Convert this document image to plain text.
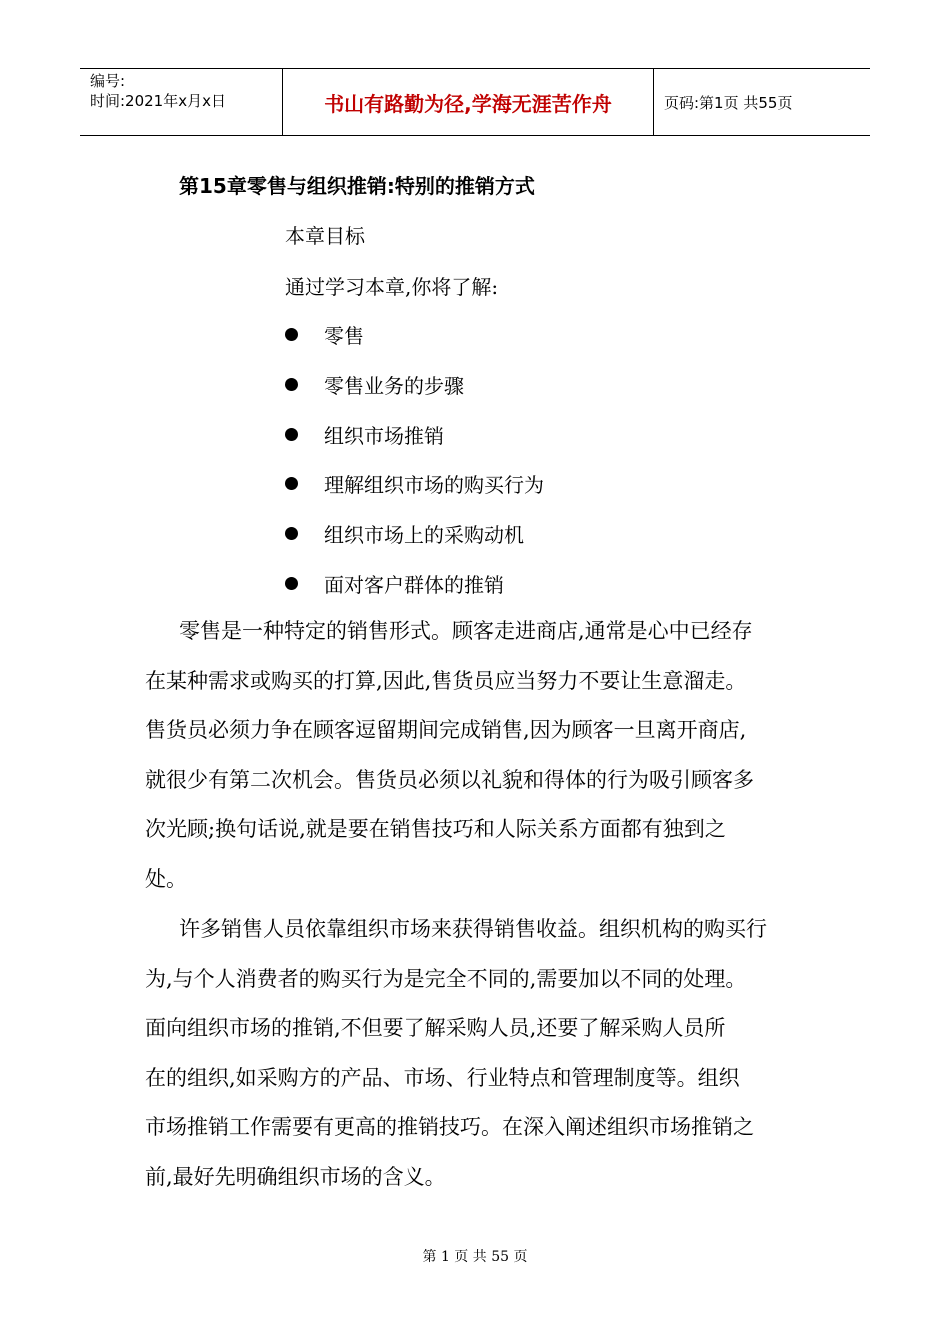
编号:
时间:2021年x月x日	书山有路勤为径,学海无涯苦作舟	页码:第1页 共55页
第15章零售与组织推销:特别的推销方式
本章目标
通过学习本章,你将了解:
零售
零售业务的步骤
组织市场推销
理解组织市场的购买行为
组织市场上的采购动机
面对客户群体的推销
零售是一种特定的销售形式。顾客走进商店,通常是心中已经存
在某种需求或购买的打算,因此,售货员应当努力不要让生意溜走。
售货员必须力争在顾客逗留期间完成销售,因为顾客一旦离开商店,
就很少有第二次机会。售货员必须以礼貌和得体的行为吸引顾客多
次光顾;换句话说,就是要在销售技巧和人际关系方面都有独到之
处。
许多销售人员依靠组织市场来获得销售收益。组织机构的购买行
为,与个人消费者的购买行为是完全不同的,需要加以不同的处理。
面向组织市场的推销,不但要了解采购人员,还要了解采购人员所
在的组织,如采购方的产品、市场、行业特点和管理制度等。组织
市场推销工作需要有更高的推销技巧。在深入阐述组织市场推销之
前,最好先明确组织市场的含义。
第 1 页 共 55 页
